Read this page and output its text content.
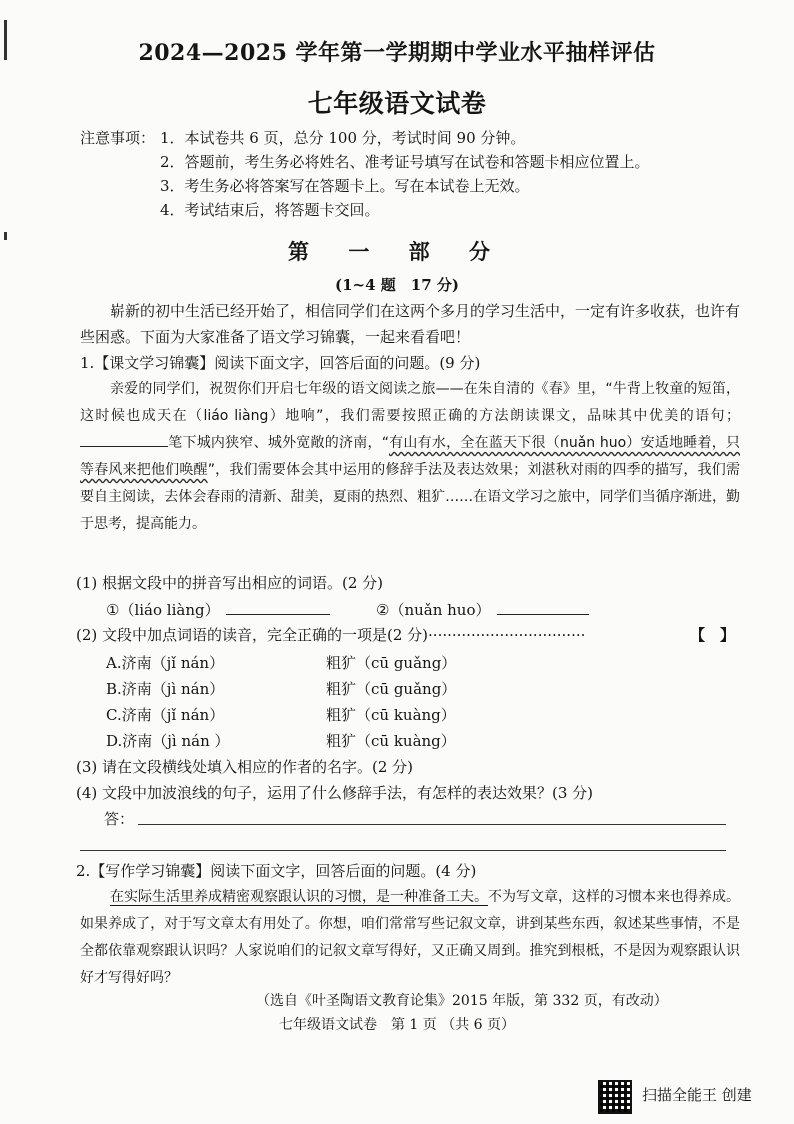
2024—2025 学年第一学期期中学业水平抽样评估
七年级语文试卷
注意事项： 1．本试卷共 6 页，总分 100 分，考试时间 90 分钟。
2．答题前，考生务必将姓名、准考证号填写在试卷和答题卡相应位置上。
3．考生务必将答案写在答题卡上。写在本试卷上无效。
4．考试结束后，将答题卡交回。
第 一 部 分
(1~4 题　17 分)
崭新的初中生活已经开始了，相信同学们在这两个多月的学习生活中，一定有许多收获，也许有些困惑。下面为大家准备了语文学习锦囊，一起来看看吧！
1.【课文学习锦囊】阅读下面文字，回答后面的问题。(9 分)
亲爱的同学们，祝贺你们开启七年级的语文阅读之旅——在朱自清的《春》里，“牛背上牧童的短笛，这时候也成天在（liáo liàng）地响”，我们需要按照正确的方法朗读课文，品味其中优美的语句；笔下城内狭窄、城外宽敞的济南，“有山有水，全在蓝天下很（nuǎn huo）安适地睡着，只等春风来把他们唤醒”，我们需要体会其中运用的修辞手法及表达效果；刘湛秋对雨的四季的描写，我们需要自主阅读，去体会春雨的清新、甜美，夏雨的热烈、粗犷……在语文学习之旅中，同学们当循序渐进，勤于思考，提高能力。
(1) 根据文段中的拼音写出相应的词语。(2 分)
①（liáo liàng）	②（nuǎn huo）
(2) 文段中加点词语的读音，完全正确的一项是(2 分)·································	【　】
A.济南（jǐ nán）	粗犷（cū guǎng）
B.济南（jì nán）	粗犷（cū guǎng）
C.济南（jǐ nán）	粗犷（cū kuàng）
D.济南（jì nán ）	粗犷（cū kuàng）
(3) 请在文段横线处填入相应的作者的名字。(2 分)
(4) 文段中加波浪线的句子，运用了什么修辞手法，有怎样的表达效果？(3 分)
答：
2.【写作学习锦囊】阅读下面文字，回答后面的问题。(4 分)
在实际生活里养成精密观察跟认识的习惯，是一种准备工夫。不为写文章，这样的习惯本来也得养成。如果养成了，对于写文章太有用处了。你想，咱们常常写些记叙文章，讲到某些东西，叙述某些事情，不是全都依靠观察跟认识吗？人家说咱们的记叙文章写得好，又正确又周到。推究到根柢，不是因为观察跟认识好才写得好吗？
（选自《叶圣陶语文教育论集》2015 年版，第 332 页，有改动）
七年级语文试卷　第 1 页 （共 6 页）
扫描全能王 创建
